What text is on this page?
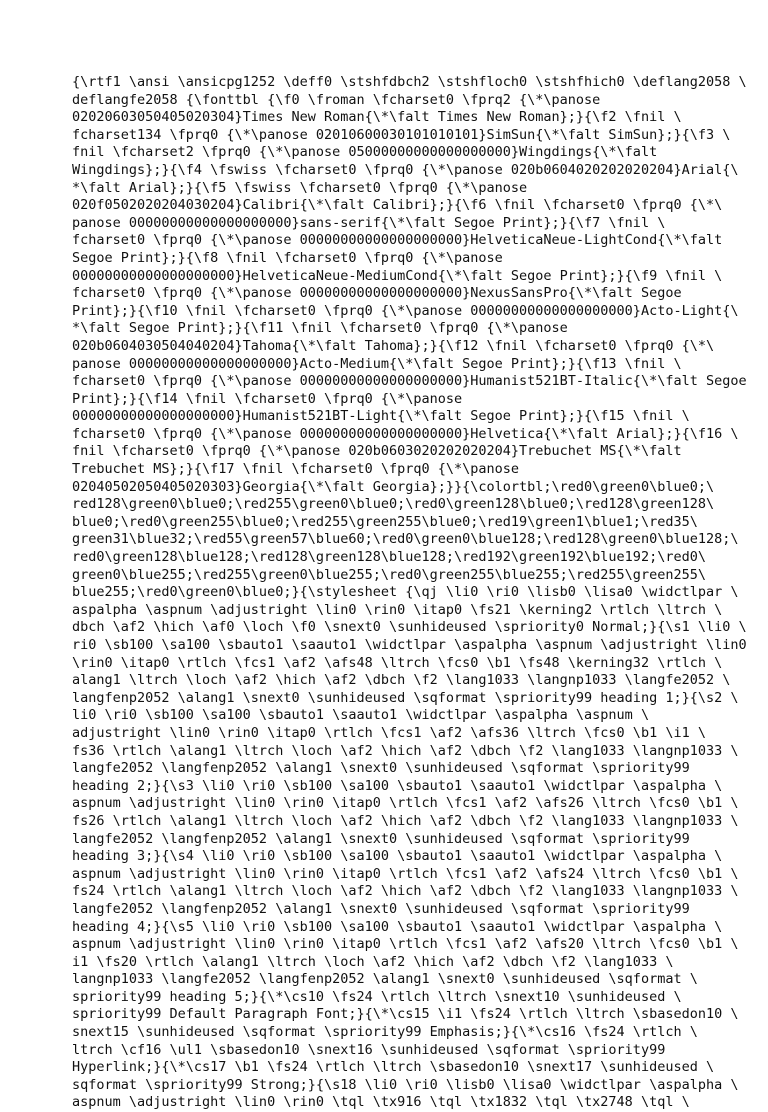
{\rtf1 \ansi \ansicpg1252 \deff0 \stshfdbch2 \stshfloch0 \stshfhich0 \deflang2058 \
deflangfe2058 {\fonttbl {\f0 \froman \fcharset0 \fprq2 {\*\panose
02020603050405020304}Times New Roman{\*\falt Times New Roman};}{\f2 \fnil \
fcharset134 \fprq0 {\*\panose 02010600030101010101}SimSun{\*\falt SimSun};}{\f3 \
fnil \fcharset2 \fprq0 {\*\panose 05000000000000000000}Wingdings{\*\falt
Wingdings};}{\f4 \fswiss \fcharset0 \fprq0 {\*\panose 020b0604020202020204}Arial{\
*\falt Arial};}{\f5 \fswiss \fcharset0 \fprq0 {\*\panose
020f0502020204030204}Calibri{\*\falt Calibri};}{\f6 \fnil \fcharset0 \fprq0 {\*\
panose 00000000000000000000}sans-serif{\*\falt Segoe Print};}{\f7 \fnil \
fcharset0 \fprq0 {\*\panose 00000000000000000000}HelveticaNeue-LightCond{\*\falt
Segoe Print};}{\f8 \fnil \fcharset0 \fprq0 {\*\panose
00000000000000000000}HelveticaNeue-MediumCond{\*\falt Segoe Print};}{\f9 \fnil \
fcharset0 \fprq0 {\*\panose 00000000000000000000}NexusSansPro{\*\falt Segoe
Print};}{\f10 \fnil \fcharset0 \fprq0 {\*\panose 00000000000000000000}Acto-Light{\
*\falt Segoe Print};}{\f11 \fnil \fcharset0 \fprq0 {\*\panose
020b0604030504040204}Tahoma{\*\falt Tahoma};}{\f12 \fnil \fcharset0 \fprq0 {\*\
panose 00000000000000000000}Acto-Medium{\*\falt Segoe Print};}{\f13 \fnil \
fcharset0 \fprq0 {\*\panose 00000000000000000000}Humanist521BT-Italic{\*\falt Segoe
Print};}{\f14 \fnil \fcharset0 \fprq0 {\*\panose
00000000000000000000}Humanist521BT-Light{\*\falt Segoe Print};}{\f15 \fnil \
fcharset0 \fprq0 {\*\panose 00000000000000000000}Helvetica{\*\falt Arial};}{\f16 \
fnil \fcharset0 \fprq0 {\*\panose 020b0603020202020204}Trebuchet MS{\*\falt
Trebuchet MS};}{\f17 \fnil \fcharset0 \fprq0 {\*\panose
02040502050405020303}Georgia{\*\falt Georgia};}}{\colortbl;\red0\green0\blue0;\
red128\green0\blue0;\red255\green0\blue0;\red0\green128\blue0;\red128\green128\
blue0;\red0\green255\blue0;\red255\green255\blue0;\red19\green1\blue1;\red35\
green31\blue32;\red55\green57\blue60;\red0\green0\blue128;\red128\green0\blue128;\
red0\green128\blue128;\red128\green128\blue128;\red192\green192\blue192;\red0\
green0\blue255;\red255\green0\blue255;\red0\green255\blue255;\red255\green255\
blue255;\red0\green0\blue0;}{\stylesheet {\qj \li0 \ri0 \lisb0 \lisa0 \widctlpar \
aspalpha \aspnum \adjustright \lin0 \rin0 \itap0 \fs21 \kerning2 \rtlch \ltrch \
dbch \af2 \hich \af0 \loch \f0 \snext0 \sunhideused \spriority0 Normal;}{\s1 \li0 \
ri0 \sb100 \sa100 \sbauto1 \saauto1 \widctlpar \aspalpha \aspnum \adjustright \lin0
\rin0 \itap0 \rtlch \fcs1 \af2 \afs48 \ltrch \fcs0 \b1 \fs48 \kerning32 \rtlch \
alang1 \ltrch \loch \af2 \hich \af2 \dbch \f2 \lang1033 \langnp1033 \langfe2052 \
langfenp2052 \alang1 \snext0 \sunhideused \sqformat \spriority99 heading 1;}{\s2 \
li0 \ri0 \sb100 \sa100 \sbauto1 \saauto1 \widctlpar \aspalpha \aspnum \
adjustright \lin0 \rin0 \itap0 \rtlch \fcs1 \af2 \afs36 \ltrch \fcs0 \b1 \i1 \
fs36 \rtlch \alang1 \ltrch \loch \af2 \hich \af2 \dbch \f2 \lang1033 \langnp1033 \
langfe2052 \langfenp2052 \alang1 \snext0 \sunhideused \sqformat \spriority99
heading 2;}{\s3 \li0 \ri0 \sb100 \sa100 \sbauto1 \saauto1 \widctlpar \aspalpha \
aspnum \adjustright \lin0 \rin0 \itap0 \rtlch \fcs1 \af2 \afs26 \ltrch \fcs0 \b1 \
fs26 \rtlch \alang1 \ltrch \loch \af2 \hich \af2 \dbch \f2 \lang1033 \langnp1033 \
langfe2052 \langfenp2052 \alang1 \snext0 \sunhideused \sqformat \spriority99
heading 3;}{\s4 \li0 \ri0 \sb100 \sa100 \sbauto1 \saauto1 \widctlpar \aspalpha \
aspnum \adjustright \lin0 \rin0 \itap0 \rtlch \fcs1 \af2 \afs24 \ltrch \fcs0 \b1 \
fs24 \rtlch \alang1 \ltrch \loch \af2 \hich \af2 \dbch \f2 \lang1033 \langnp1033 \
langfe2052 \langfenp2052 \alang1 \snext0 \sunhideused \sqformat \spriority99
heading 4;}{\s5 \li0 \ri0 \sb100 \sa100 \sbauto1 \saauto1 \widctlpar \aspalpha \
aspnum \adjustright \lin0 \rin0 \itap0 \rtlch \fcs1 \af2 \afs20 \ltrch \fcs0 \b1 \
i1 \fs20 \rtlch \alang1 \ltrch \loch \af2 \hich \af2 \dbch \f2 \lang1033 \
langnp1033 \langfe2052 \langfenp2052 \alang1 \snext0 \sunhideused \sqformat \
spriority99 heading 5;}{\*\cs10 \fs24 \rtlch \ltrch \snext10 \sunhideused \
spriority99 Default Paragraph Font;}{\*\cs15 \i1 \fs24 \rtlch \ltrch \sbasedon10 \
snext15 \sunhideused \sqformat \spriority99 Emphasis;}{\*\cs16 \fs24 \rtlch \
ltrch \cf16 \ul1 \sbasedon10 \snext16 \sunhideused \sqformat \spriority99
Hyperlink;}{\*\cs17 \b1 \fs24 \rtlch \ltrch \sbasedon10 \snext17 \sunhideused \
sqformat \spriority99 Strong;}{\s18 \li0 \ri0 \lisb0 \lisa0 \widctlpar \aspalpha \
aspnum \adjustright \lin0 \rin0 \tql \tx916 \tql \tx1832 \tql \tx2748 \tql \
